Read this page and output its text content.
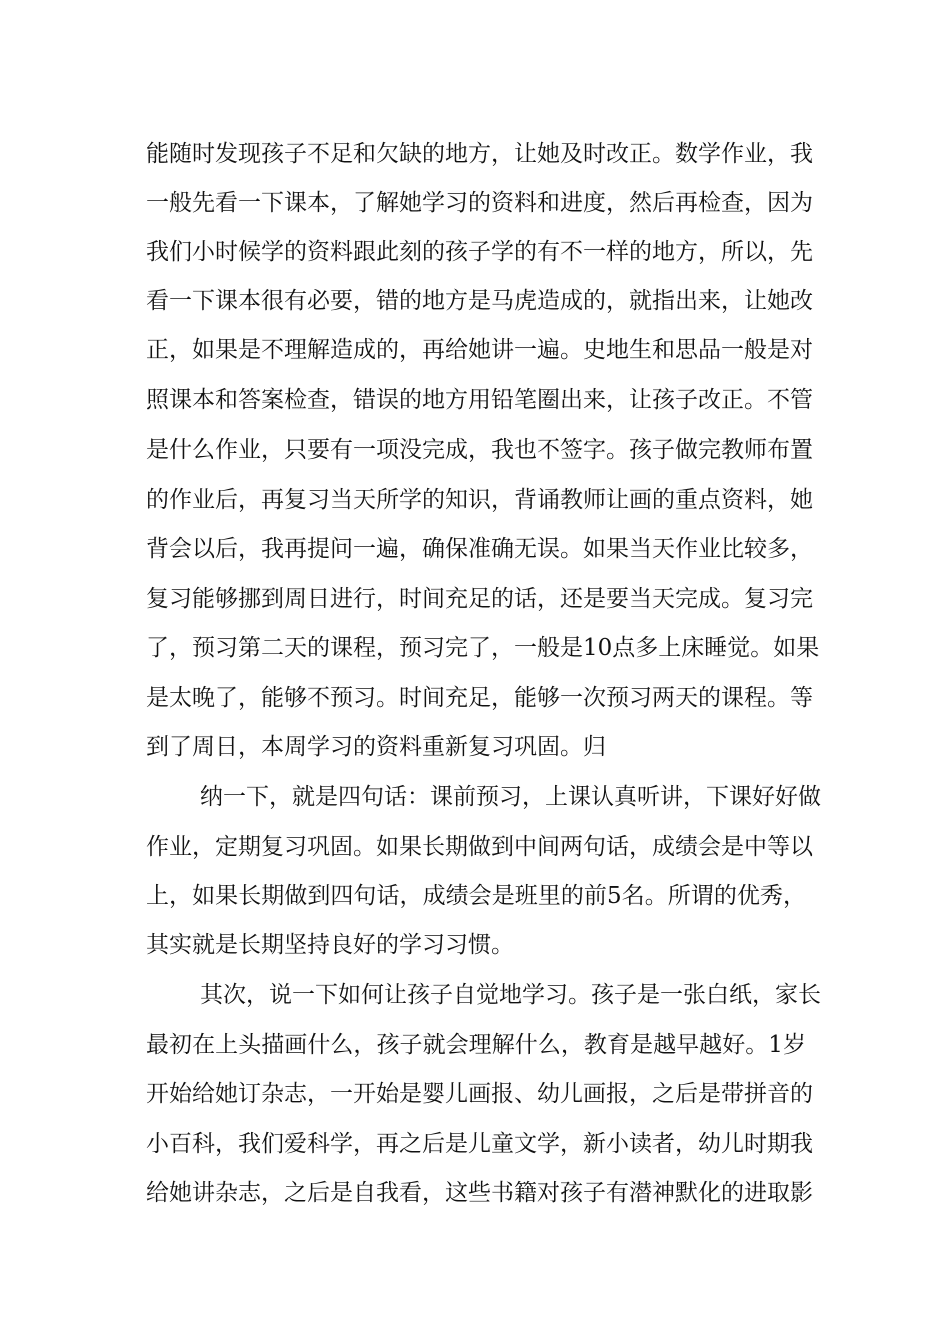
能随时发现孩子不足和欠缺的地方，让她及时改正。数学作业，我
一般先看一下课本，了解她学习的资料和进度，然后再检查，因为
我们小时候学的资料跟此刻的孩子学的有不一样的地方，所以，先
看一下课本很有必要，错的地方是马虎造成的，就指出来，让她改
正，如果是不理解造成的，再给她讲一遍。史地生和思品一般是对
照课本和答案检查，错误的地方用铅笔圈出来，让孩子改正。不管
是什么作业，只要有一项没完成，我也不签字。孩子做完教师布置
的作业后，再复习当天所学的知识，背诵教师让画的重点资料，她
背会以后，我再提问一遍，确保准确无误。如果当天作业比较多，
复习能够挪到周日进行，时间充足的话，还是要当天完成。复习完
了，预习第二天的课程，预习完了，一般是10点多上床睡觉。如果
是太晚了，能够不预习。时间充足，能够一次预习两天的课程。等
到了周日，本周学习的资料重新复习巩固。归
纳一下，就是四句话：课前预习，上课认真听讲，下课好好做
作业，定期复习巩固。如果长期做到中间两句话，成绩会是中等以
上，如果长期做到四句话，成绩会是班里的前5名。所谓的优秀，
其实就是长期坚持良好的学习习惯。
其次，说一下如何让孩子自觉地学习。孩子是一张白纸，家长
最初在上头描画什么，孩子就会理解什么，教育是越早越好。1岁
开始给她订杂志，一开始是婴儿画报、幼儿画报，之后是带拼音的
小百科，我们爱科学，再之后是儿童文学，新小读者，幼儿时期我
给她讲杂志，之后是自我看，这些书籍对孩子有潜神默化的进取影
